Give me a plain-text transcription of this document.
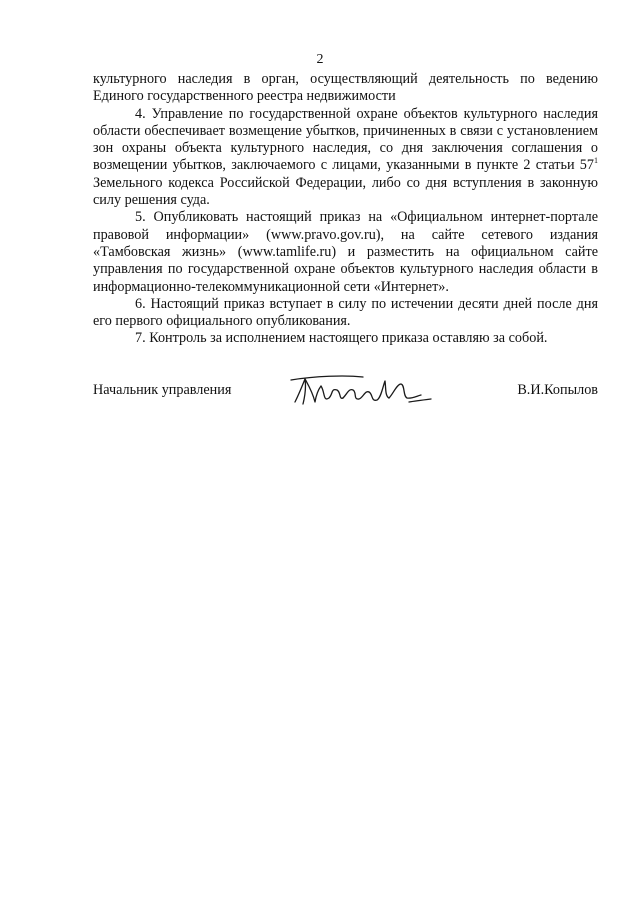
2

культурного наследия в орган, осуществляющий деятельность по ведению Единого государственного реестра недвижимости

4. Управление по государственной охране объектов культурного наследия области обеспечивает возмещение убытков, причиненных в связи с установлением зон охраны объекта культурного наследия, со дня заключения соглашения о возмещении убытков, заключаемого с лицами, указанными в пункте 2 статьи $57^1$ Земельного кодекса Российской Федерации, либо со дня вступления в законную силу решения суда.

5. Опубликовать настоящий приказ на «Официальном интернет-портале правовой информации» (www.pravo.gov.ru), на сайте сетевого издания «Тамбовская жизнь» (www.tamlife.ru) и разместить на официальном сайте управления по государственной охране объектов культурного наследия области в информационно-телекоммуникационной сети «Интернет».

6. Настоящий приказ вступает в силу по истечении десяти дней после дня его первого официального опубликования.

7. Контроль за исполнением настоящего приказа оставляю за собой.

Начальник управления	В.И.Копылов
